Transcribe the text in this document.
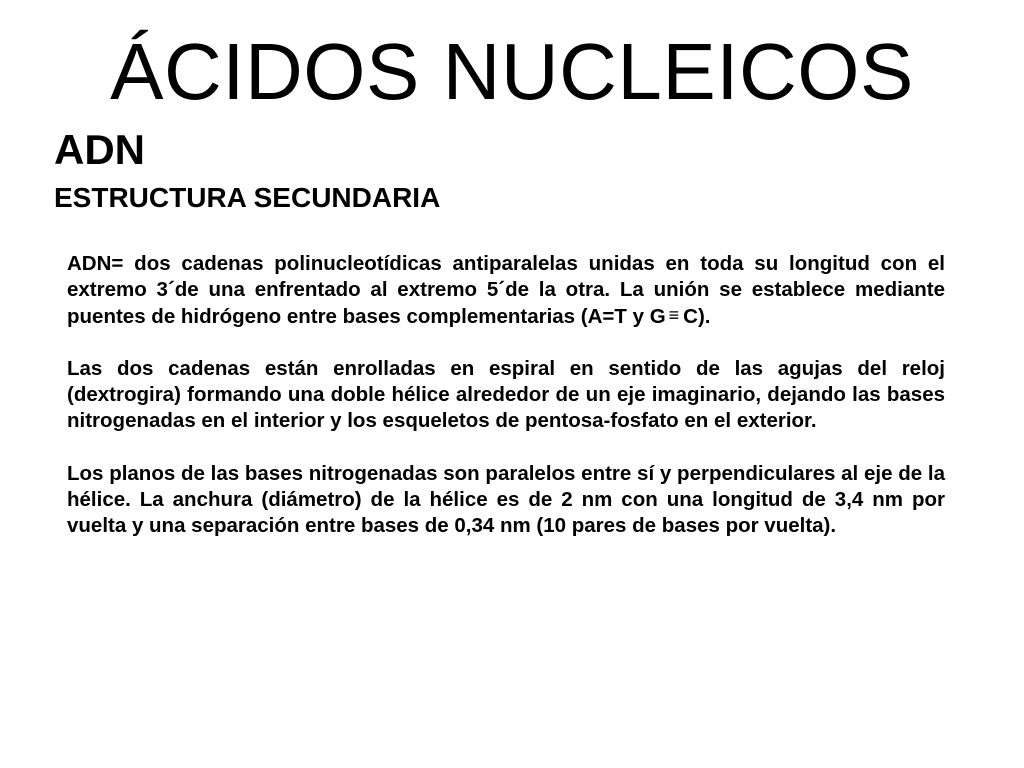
ÁCIDOS NUCLEICOS
ADN
ESTRUCTURA SECUNDARIA

ADN= dos cadenas polinucleotídicas antiparalelas unidas en toda su longitud con el extremo 3´de una enfrentado al extremo 5´de la otra. La unión se establece mediante puentes de hidrógeno entre bases complementarias (A=T y G ≡ C).

Las dos cadenas están enrolladas en espiral en sentido de las agujas del reloj (dextrogira) formando una doble hélice alrededor de un eje imaginario, dejando las bases nitrogenadas en el interior y los esqueletos de pentosa-fosfato en el exterior.

Los planos de las bases nitrogenadas son paralelos entre sí y perpendiculares al eje de la hélice. La anchura (diámetro) de la hélice es de 2 nm con una longitud de 3,4 nm por vuelta y una separación entre bases de 0,34 nm (10 pares de bases por vuelta).
